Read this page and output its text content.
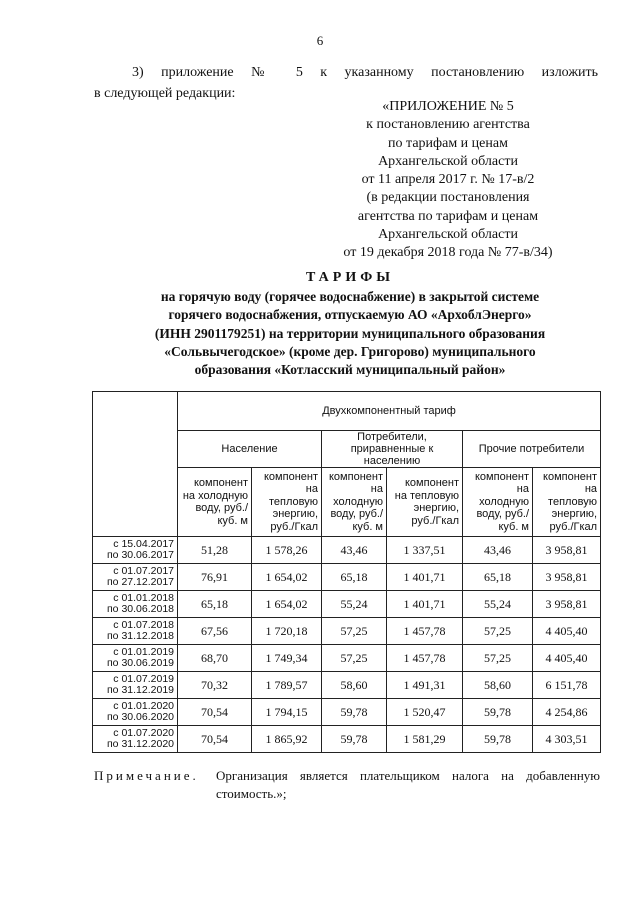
6
3) приложение № 5 к указанному постановлению изложить
в следующей редакции:
«ПРИЛОЖЕНИЕ № 5
к постановлению агентства
по тарифам и ценам
Архангельской области
от 11 апреля 2017 г. № 17-в/2
(в редакции постановления
агентства по тарифам и ценам
Архангельской области
от 19 декабря 2018 года № 77-в/34)
ТАРИФЫ
на горячую воду (горячее водоснабжение) в закрытой системе
горячего водоснабжения, отпускаемую АО «АрхоблЭнерго»
(ИНН 2901179251) на территории муниципального образования
«Сольвычегодское» (кроме дер. Григорово) муниципального
образования «Котласский муниципальный район»
	Двухкомпонентный тариф					
	Население		Потребители, приравненные к населению		Прочие потребители	
	компонент на холодную воду, руб./куб. м	компонент на тепловую энергию, руб./Гкал	компонент на холодную воду, руб./куб. м	компонент на тепловую энергию, руб./Гкал	компонент на холодную воду, руб./куб. м	компонент на тепловую энергию, руб./Гкал

с 15.04.2017
по 30.06.2017	51,28	1 578,26	43,46	1 337,51	43,46	3 958,81

с 01.07.2017
по 27.12.2017	76,91	1 654,02	65,18	1 401,71	65,18	3 958,81

с 01.01.2018
по 30.06.2018	65,18	1 654,02	55,24	1 401,71	55,24	3 958,81

с 01.07.2018
по 31.12.2018	67,56	1 720,18	57,25	1 457,78	57,25	4 405,40

с 01.01.2019
по 30.06.2019	68,70	1 749,34	57,25	1 457,78	57,25	4 405,40

с 01.07.2019
по 31.12.2019	70,32	1 789,57	58,60	1 491,31	58,60	6 151,78

с 01.01.2020
по 30.06.2020	70,54	1 794,15	59,78	1 520,47	59,78	4 254,86

с 01.07.2020
по 31.12.2020	70,54	1 865,92	59,78	1 581,29	59,78	4 303,51
Примечание. Организация является плательщиком налога на добавленную стоимость.»;
